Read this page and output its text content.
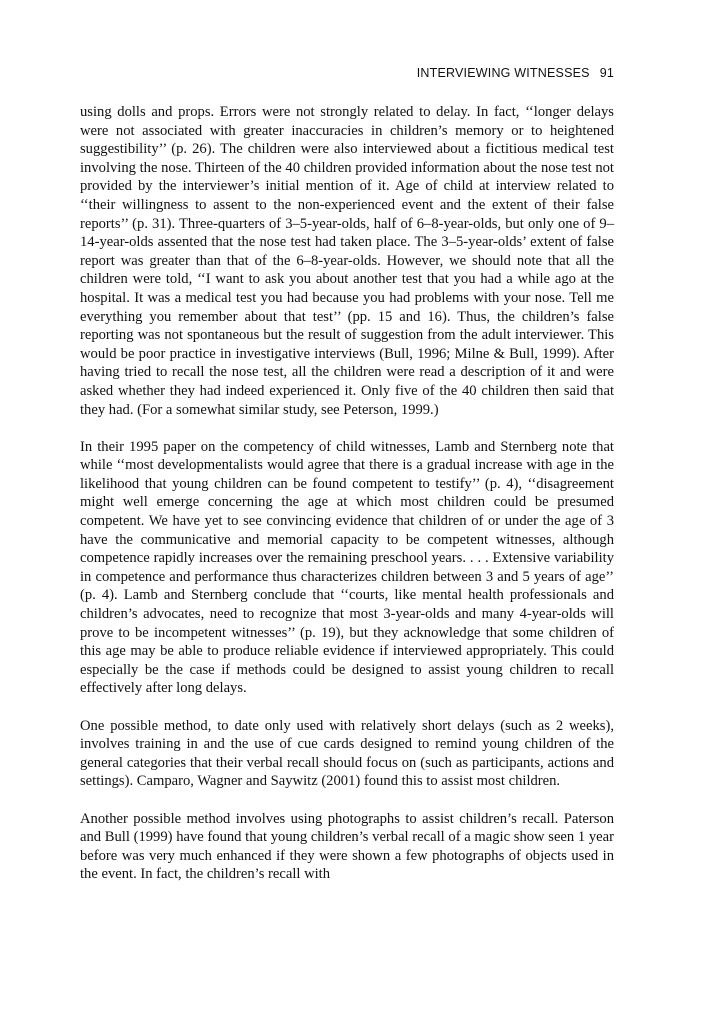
INTERVIEWING WITNESSES 91

using dolls and props. Errors were not strongly related to delay. In fact, ‘‘longer delays were not associated with greater inaccuracies in children’s memory or to heightened suggestibility’’ (p. 26). The children were also interviewed about a fictitious medical test involving the nose. Thirteen of the 40 children provided information about the nose test not provided by the interviewer’s initial mention of it. Age of child at interview related to ‘‘their willingness to assent to the non-experienced event and the extent of their false reports’’ (p. 31). Three-quarters of 3–5-year-olds, half of 6–8-year-olds, but only one of 9–14-year-olds assented that the nose test had taken place. The 3–5-year-olds’ extent of false report was greater than that of the 6–8-year-olds. However, we should note that all the children were told, ‘‘I want to ask you about another test that you had a while ago at the hospital. It was a medical test you had because you had problems with your nose. Tell me everything you remember about that test’’ (pp. 15 and 16). Thus, the children’s false reporting was not spontaneous but the result of suggestion from the adult interviewer. This would be poor practice in investigative interviews (Bull, 1996; Milne & Bull, 1999). After having tried to recall the nose test, all the children were read a description of it and were asked whether they had indeed experienced it. Only five of the 40 children then said that they had. (For a somewhat similar study, see Peterson, 1999.)

In their 1995 paper on the competency of child witnesses, Lamb and Sternberg note that while ‘‘most developmentalists would agree that there is a gradual increase with age in the likelihood that young children can be found competent to testify’’ (p. 4), ‘‘disagreement might well emerge concerning the age at which most children could be presumed competent. We have yet to see convincing evidence that children of or under the age of 3 have the communicative and memorial capacity to be competent witnesses, although competence rapidly increases over the remaining preschool years. . . . Extensive variability in competence and performance thus characterizes children between 3 and 5 years of age’’ (p. 4). Lamb and Sternberg conclude that ‘‘courts, like mental health professionals and children’s advocates, need to recognize that most 3-year-olds and many 4-year-olds will prove to be incompetent witnesses’’ (p. 19), but they acknowledge that some children of this age may be able to produce reliable evidence if interviewed appropriately. This could especially be the case if methods could be designed to assist young children to recall effectively after long delays.

One possible method, to date only used with relatively short delays (such as 2 weeks), involves training in and the use of cue cards designed to remind young children of the general categories that their verbal recall should focus on (such as participants, actions and settings). Camparo, Wagner and Saywitz (2001) found this to assist most children.

Another possible method involves using photographs to assist children’s recall. Paterson and Bull (1999) have found that young children’s verbal recall of a magic show seen 1 year before was very much enhanced if they were shown a few photographs of objects used in the event. In fact, the children’s recall with
